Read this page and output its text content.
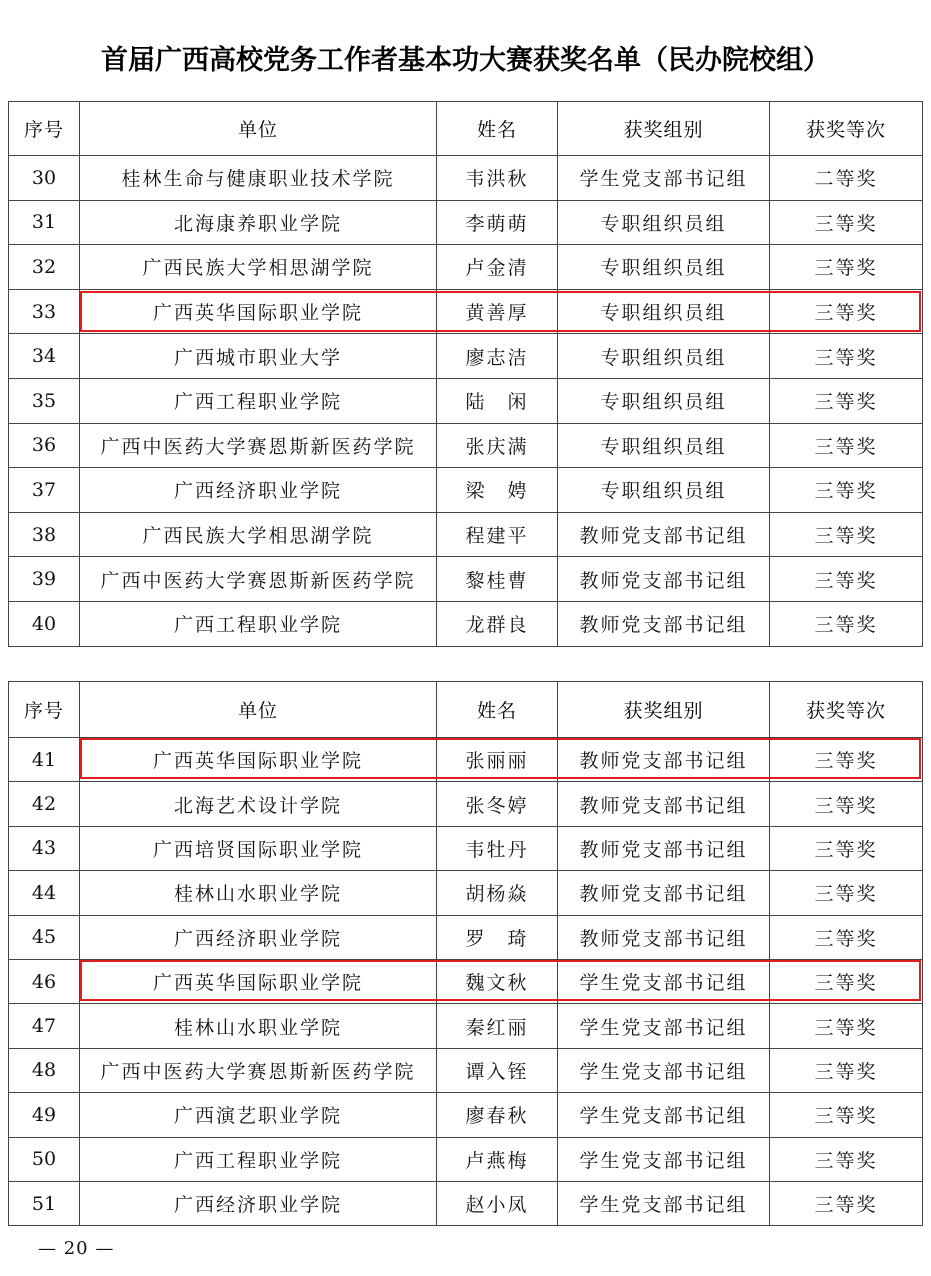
首届广西高校党务工作者基本功大赛获奖名单（民办院校组）
序号	单位	姓名	获奖组别	获奖等次
30	桂林生命与健康职业技术学院	韦洪秋	学生党支部书记组	二等奖
31	北海康养职业学院	李萌萌	专职组织员组	三等奖
32	广西民族大学相思湖学院	卢金清	专职组织员组	三等奖
33	广西英华国际职业学院	黄善厚	专职组织员组	三等奖
34	广西城市职业大学	廖志洁	专职组织员组	三等奖
35	广西工程职业学院	陆　闲	专职组织员组	三等奖
36	广西中医药大学赛恩斯新医药学院	张庆满	专职组织员组	三等奖
37	广西经济职业学院	梁　娉	专职组织员组	三等奖
38	广西民族大学相思湖学院	程建平	教师党支部书记组	三等奖
39	广西中医药大学赛恩斯新医药学院	黎桂曹	教师党支部书记组	三等奖
40	广西工程职业学院	龙群良	教师党支部书记组	三等奖
序号	单位	姓名	获奖组别	获奖等次
41	广西英华国际职业学院	张丽丽	教师党支部书记组	三等奖
42	北海艺术设计学院	张冬婷	教师党支部书记组	三等奖
43	广西培贤国际职业学院	韦牡丹	教师党支部书记组	三等奖
44	桂林山水职业学院	胡杨焱	教师党支部书记组	三等奖
45	广西经济职业学院	罗　琦	教师党支部书记组	三等奖
46	广西英华国际职业学院	魏文秋	学生党支部书记组	三等奖
47	桂林山水职业学院	秦红丽	学生党支部书记组	三等奖
48	广西中医药大学赛恩斯新医药学院	谭入铚	学生党支部书记组	三等奖
49	广西演艺职业学院	廖春秋	学生党支部书记组	三等奖
50	广西工程职业学院	卢燕梅	学生党支部书记组	三等奖
51	广西经济职业学院	赵小凤	学生党支部书记组	三等奖
— 20 —
